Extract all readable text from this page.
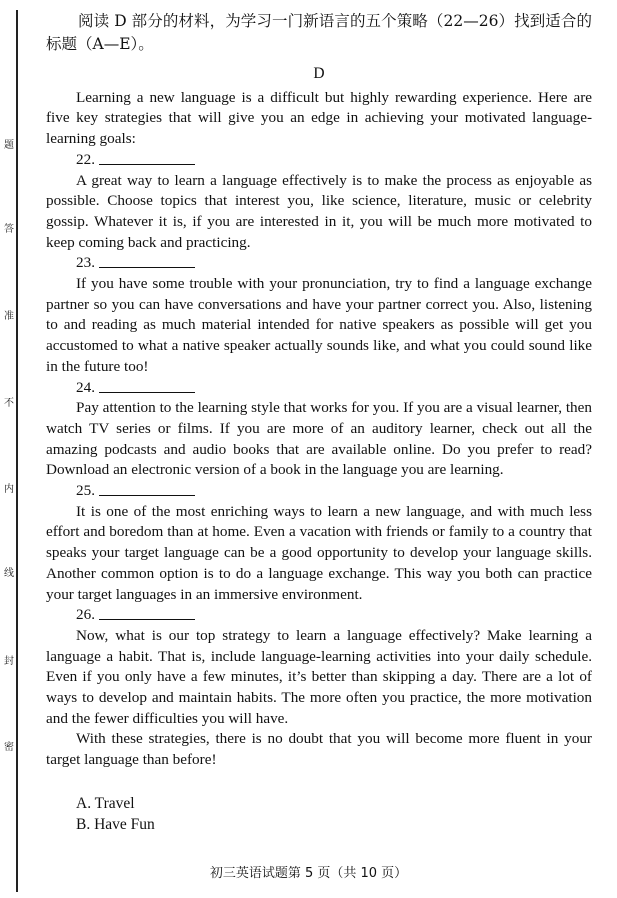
题
答
准
不
内
线
封
密

阅读 D 部分的材料，为学习一门新语言的五个策略（22—26）找到适合的标题（A—E）。

D

Learning a new language is a difficult but highly rewarding experience. Here are five key strategies that will give you an edge in achieving your motivated language-learning goals:

22.

A great way to learn a language effectively is to make the process as enjoyable as possible. Choose topics that interest you, like science, literature, music or celebrity gossip. Whatever it is, if you are interested in it, you will be much more motivated to keep coming back and practicing.

23.

If you have some trouble with your pronunciation, try to find a language exchange partner so you can have conversations and have your partner correct you. Also, listening to and reading as much material intended for native speakers as possible will get you accustomed to what a native speaker actually sounds like, and what you could sound like in the future too!

24.

Pay attention to the learning style that works for you. If you are a visual learner, then watch TV series or films. If you are more of an auditory learner, check out all the amazing podcasts and audio books that are available online. Do you prefer to read? Download an electronic version of a book in the language you are learning.

25.

It is one of the most enriching ways to learn a new language, and with much less effort and boredom than at home. Even a vacation with friends or family to a country that speaks your target language can be a good opportunity to develop your language skills. Another common option is to do a language exchange. This way you both can practice your target languages in an immersive environment.

26.

Now, what is our top strategy to learn a language effectively? Make learning a language a habit. That is, include language-learning activities into your daily schedule. Even if you only have a few minutes, it’s better than skipping a day. There are a lot of ways to develop and maintain habits. The more often you practice, the more motivation and the fewer difficulties you will have.

With these strategies, there is no doubt that you will become more fluent in your target language than before!

A. Travel

B. Have Fun

初三英语试题第 5 页（共 10 页）
